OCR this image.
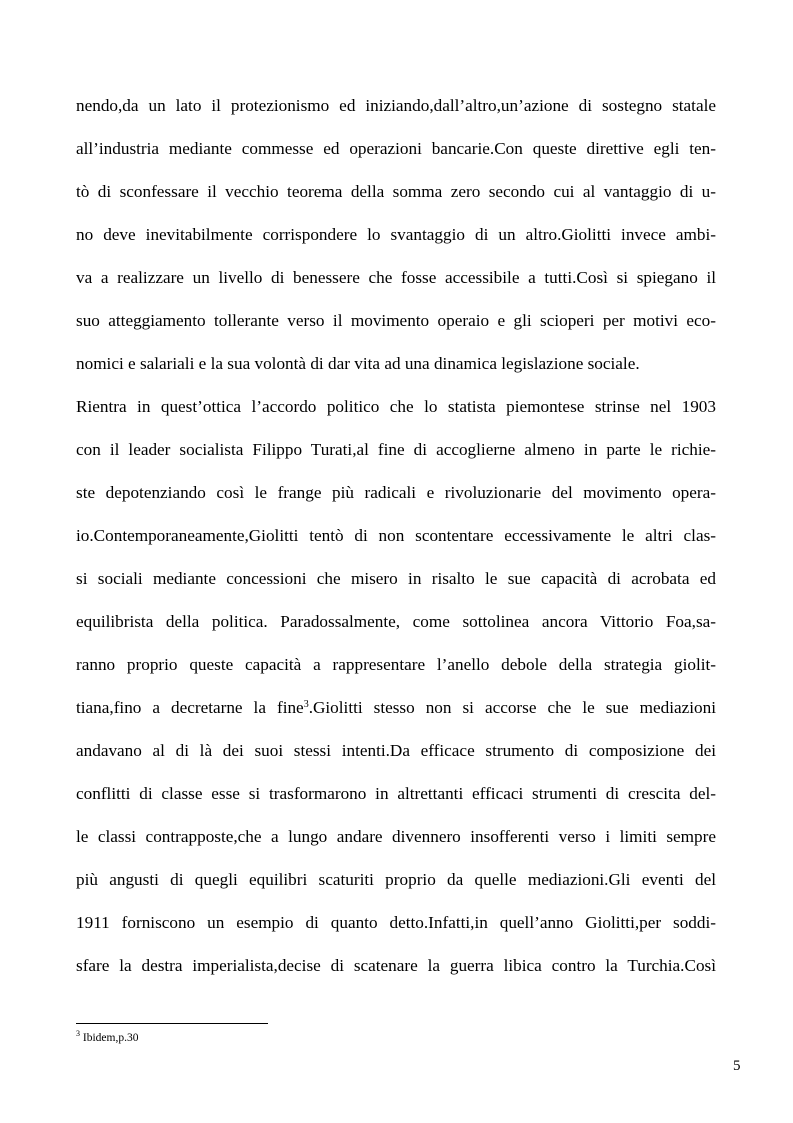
nendo,da un lato il protezionismo ed iniziando,dall’altro,un’azione di sostegno statale
all’industria mediante commesse ed operazioni bancarie.Con queste direttive egli ten-
tò di sconfessare il vecchio teorema della somma zero secondo cui al vantaggio di u-
no deve inevitabilmente corrispondere lo svantaggio di un altro.Giolitti invece ambi-
va a realizzare un livello di benessere che fosse accessibile a tutti.Così si spiegano il
suo atteggiamento tollerante verso il movimento operaio e gli scioperi per motivi eco-
nomici e salariali e la sua volontà di dar vita ad una dinamica legislazione sociale.
Rientra in quest’ottica l’accordo politico che lo statista piemontese strinse nel 1903
con il leader socialista Filippo Turati,al fine di accoglierne almeno in parte le richie-
ste depotenziando così le frange più radicali e rivoluzionarie del movimento opera-
io.Contemporaneamente,Giolitti tentò di non scontentare eccessivamente le altri clas-
si sociali mediante concessioni che misero in risalto le sue capacità di acrobata ed
equilibrista della politica. Paradossalmente, come sottolinea ancora Vittorio Foa,sa-
ranno proprio queste capacità a rappresentare l’anello debole della strategia giolit-
tiana,fino a decretarne la fine$^3$.Giolitti stesso non si accorse che le sue mediazioni
andavano al di là dei suoi stessi intenti.Da efficace strumento di composizione dei
conflitti di classe esse si trasformarono in altrettanti efficaci strumenti di crescita del-
le classi contrapposte,che a lungo andare divennero insofferenti verso i limiti sempre
più angusti di quegli equilibri scaturiti proprio da quelle mediazioni.Gli eventi del
1911 forniscono un esempio di quanto detto.Infatti,in quell’anno Giolitti,per soddi-
sfare la destra imperialista,decise di scatenare la guerra libica contro la Turchia.Così
$^3$ Ibidem,p.30
5
